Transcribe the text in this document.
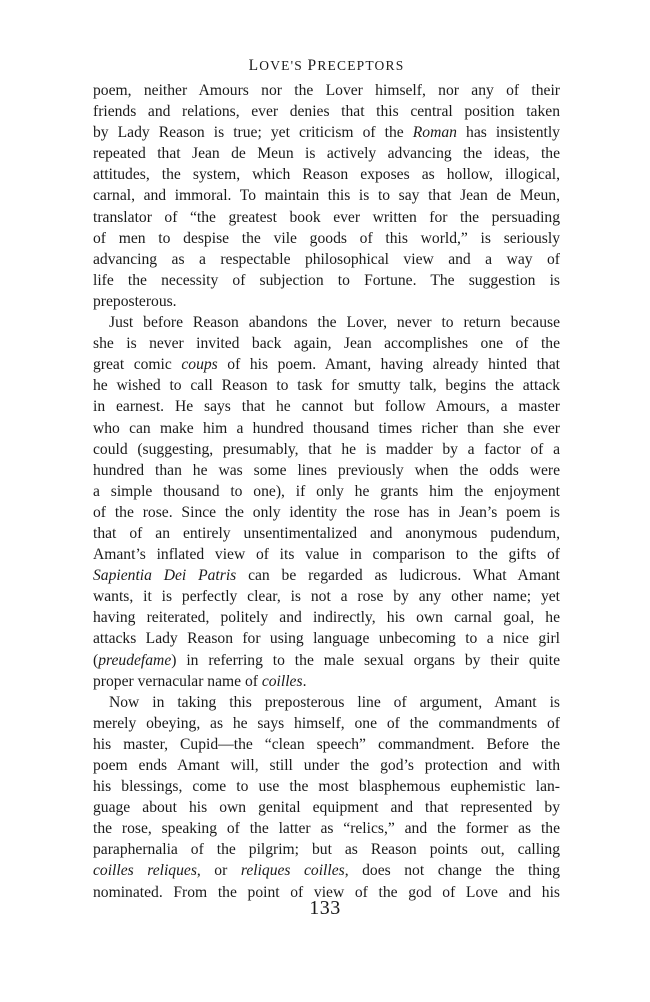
LOVE'S PRECEPTORS
poem, neither Amours nor the Lover himself, nor any of their
friends and relations, ever denies that this central position taken
by Lady Reason is true; yet criticism of the Roman has insistently
repeated that Jean de Meun is actively advancing the ideas, the
attitudes, the system, which Reason exposes as hollow, illogical,
carnal, and immoral. To maintain this is to say that Jean de Meun,
translator of “the greatest book ever written for the persuading
of men to despise the vile goods of this world,” is seriously
advancing as a respectable philosophical view and a way of
life the necessity of subjection to Fortune. The suggestion is
preposterous.
Just before Reason abandons the Lover, never to return because
she is never invited back again, Jean accomplishes one of the
great comic coups of his poem. Amant, having already hinted that
he wished to call Reason to task for smutty talk, begins the attack
in earnest. He says that he cannot but follow Amours, a master
who can make him a hundred thousand times richer than she ever
could (suggesting, presumably, that he is madder by a factor of a
hundred than he was some lines previously when the odds were
a simple thousand to one), if only he grants him the enjoyment
of the rose. Since the only identity the rose has in Jean’s poem is
that of an entirely unsentimentalized and anonymous pudendum,
Amant’s inflated view of its value in comparison to the gifts of
Sapientia Dei Patris can be regarded as ludicrous. What Amant
wants, it is perfectly clear, is not a rose by any other name; yet
having reiterated, politely and indirectly, his own carnal goal, he
attacks Lady Reason for using language unbecoming to a nice girl
(preudefame) in referring to the male sexual organs by their quite
proper vernacular name of coilles.
Now in taking this preposterous line of argument, Amant is
merely obeying, as he says himself, one of the commandments of
his master, Cupid—the “clean speech” commandment. Before the
poem ends Amant will, still under the god’s protection and with
his blessings, come to use the most blasphemous euphemistic lan-
guage about his own genital equipment and that represented by
the rose, speaking of the latter as “relics,” and the former as the
paraphernalia of the pilgrim; but as Reason points out, calling
coilles reliques, or reliques coilles, does not change the thing
nominated. From the point of view of the god of Love and his
133
